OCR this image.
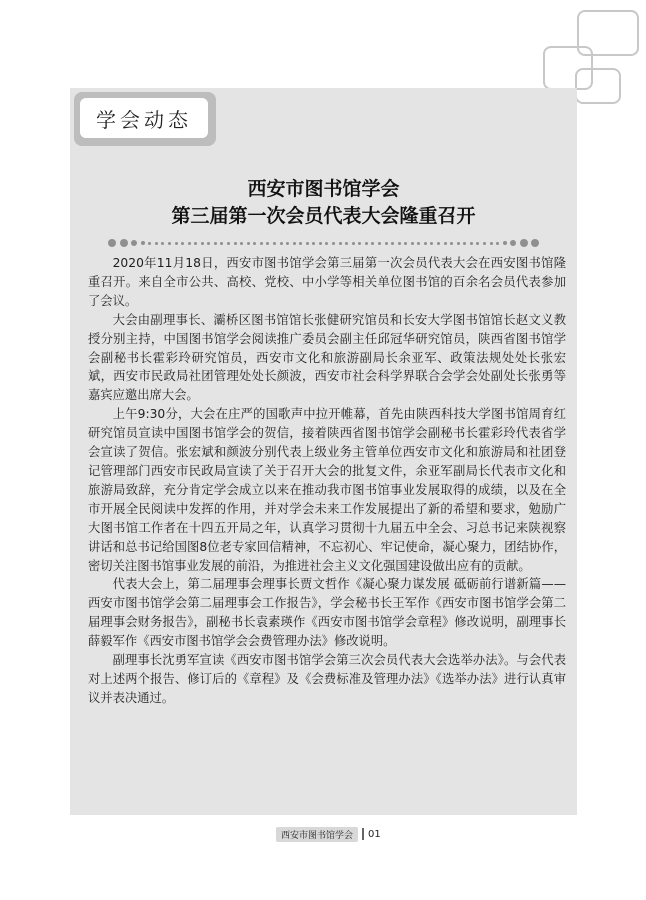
学会动态
西安市图书馆学会
第三届第一次会员代表大会隆重召开

2020年11月18日，西安市图书馆学会第三届第一次会员代表大会在西安图书馆隆重召开。来自全市公共、高校、党校、中小学等相关单位图书馆的百余名会员代表参加了会议。

大会由副理事长、灞桥区图书馆馆长张健研究馆员和长安大学图书馆馆长赵文义教授分别主持，中国图书馆学会阅读推广委员会副主任邱冠华研究馆员，陕西省图书馆学会副秘书长霍彩玲研究馆员，西安市文化和旅游副局长余亚军、政策法规处处长张宏斌，西安市民政局社团管理处处长颜波，西安市社会科学界联合会学会处副处长张勇等嘉宾应邀出席大会。

上午9:30分，大会在庄严的国歌声中拉开帷幕，首先由陕西科技大学图书馆周育红研究馆员宣读中国图书馆学会的贺信，接着陕西省图书馆学会副秘书长霍彩玲代表省学会宣读了贺信。张宏斌和颜波分别代表上级业务主管单位西安市文化和旅游局和社团登记管理部门西安市民政局宣读了关于召开大会的批复文件，余亚军副局长代表市文化和旅游局致辞，充分肯定学会成立以来在推动我市图书馆事业发展取得的成绩，以及在全市开展全民阅读中发挥的作用，并对学会未来工作发展提出了新的希望和要求，勉励广大图书馆工作者在十四五开局之年，认真学习贯彻十九届五中全会、习总书记来陕视察讲话和总书记给国图8位老专家回信精神，不忘初心、牢记使命，凝心聚力，团结协作，密切关注图书馆事业发展的前沿，为推进社会主义文化强国建设做出应有的贡献。

代表大会上，第二届理事会理事长贾文哲作《凝心聚力谋发展 砥砺前行谱新篇——西安市图书馆学会第二届理事会工作报告》，学会秘书长王军作《西安市图书馆学会第二届理事会财务报告》，副秘书长袁素瑛作《西安市图书馆学会章程》修改说明，副理事长薛毅军作《西安市图书馆学会会费管理办法》修改说明。

副理事长沈勇军宣读《西安市图书馆学会第三次会员代表大会选举办法》。与会代表对上述两个报告、修订后的《章程》及《会费标准及管理办法》《选举办法》进行认真审议并表决通过。

西安市图书馆学会	01
